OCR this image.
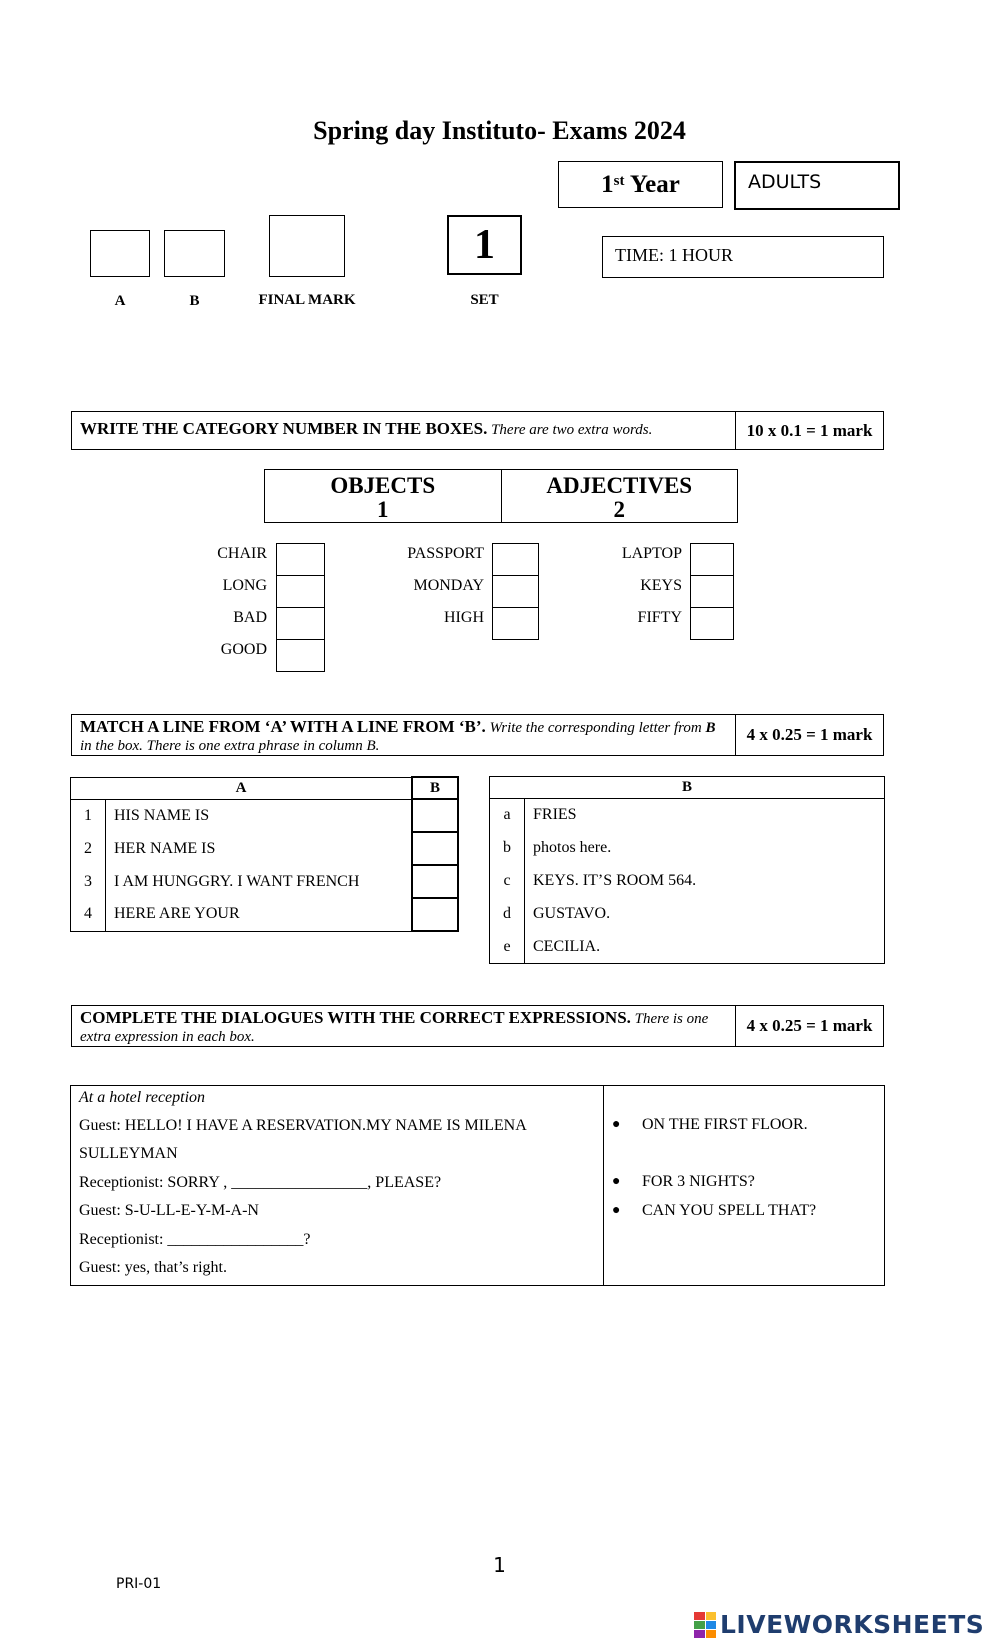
Spring day Instituto- Exams 2024
1st Year	ADULTS
TIME: 1 HOUR
1
A	B	FINAL MARK	SET
WRITE THE CATEGORY NUMBER IN THE BOXES. There are two extra words.	10 x 0.1 = 1 mark
OBJECTS
1
ADJECTIVES
2
CHAIR
LONG
BAD
GOOD
PASSPORT
MONDAY
HIGH
LAPTOP
KEYS
FIFTY
MATCH A LINE FROM ‘A’ WITH A LINE FROM ‘B’. Write the corresponding letter from B in the box. There is one extra phrase in column B.
4 x 0.25 = 1 mark
A		B
1	HIS NAME IS	
2	HER NAME IS	
3	I AM HUNGGRY. I WANT FRENCH	
4	HERE ARE YOUR	
B	
a	FRIES
b	photos here.
c	KEYS. IT’S ROOM 564.
d	GUSTAVO.
e	CECILIA.
COMPLETE THE DIALOGUES WITH THE CORRECT EXPRESSIONS. There is one extra expression in each box.
4 x 0.25 = 1 mark
At a hotel reception
Guest: HELLO! I HAVE A RESERVATION.MY NAME IS MILENA
SULLEYMAN
Receptionist: SORRY , _________________, PLEASE?
Guest: S-U-LL-E-Y-M-A-N
Receptionist: _________________?
Guest: yes, that’s right.
●	ON THE FIRST FLOOR.
●	FOR 3 NIGHTS?
●	CAN YOU SPELL THAT?
1
PRI-01
LIVEWORKSHEETS
